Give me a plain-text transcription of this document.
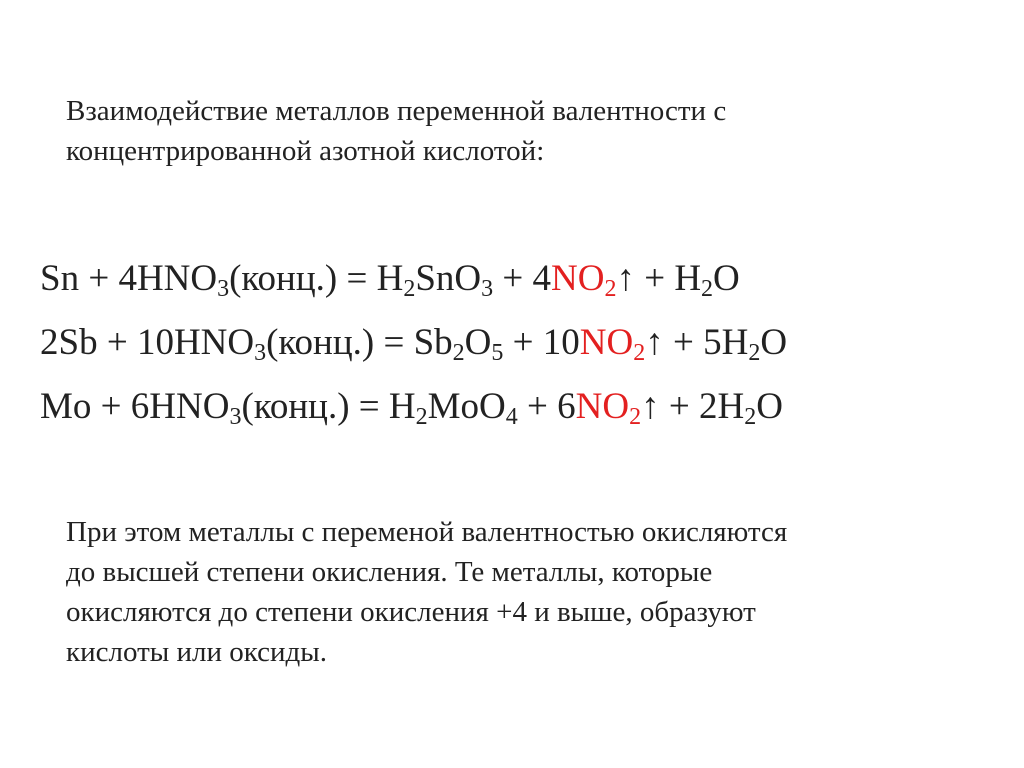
Взаимодействие металлов переменной валентности с
концентрированной азотной кислотой:
$Sn + 4HNO_3(конц.) = H_2SnO_3$ + $4NO_2↑ + H_2O$
$2Sb + 10HNO_3(конц.) = Sb_2O_5$ + $10NO_2↑ + 5H_2O$
$Mo + 6HNO_3(конц.) = H_2MoO_4$ + $6NO_2↑ + 2H_2O$
При этом металлы с переменой валентностью окисляются
до высшей степени окисления. Те металлы, которые
окисляются до степени окисления +4 и выше, образуют
кислоты или оксиды.
